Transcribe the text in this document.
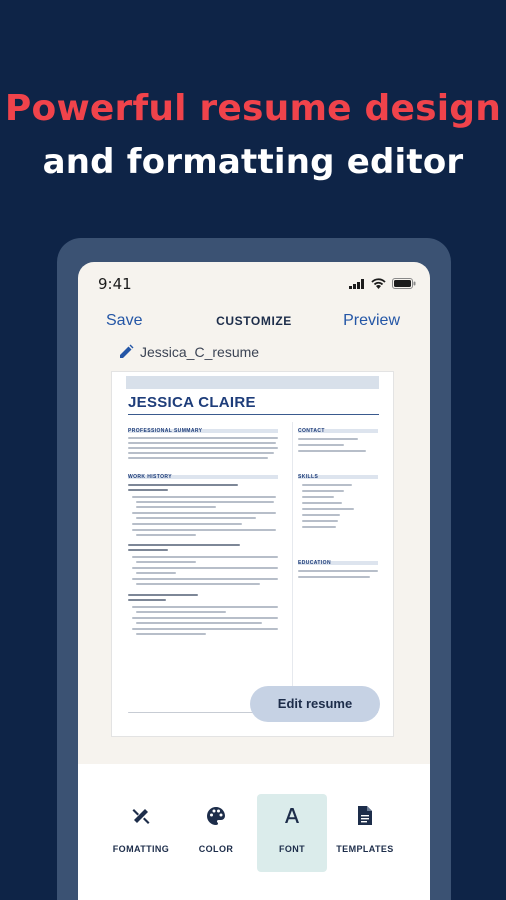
Powerful resume design
and formatting editor
9:41
Save	CUSTOMIZE	Preview
Jessica_C_resume
JESSICA CLAIRE
PROFESSIONAL SUMMARY
WORK HISTORY
CONTACT
SKILLS
EDUCATION
Edit resume
FOMATTING	COLOR	FONT	TEMPLATES
